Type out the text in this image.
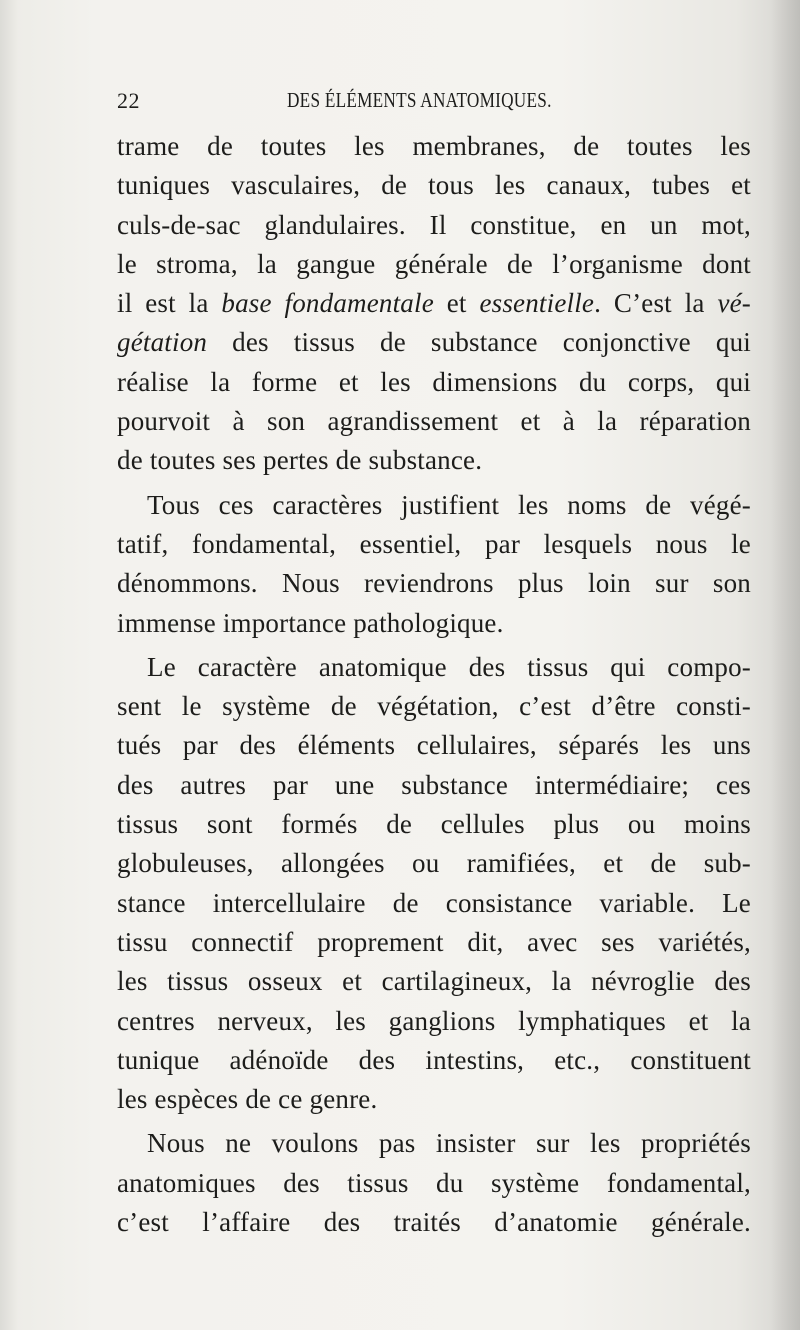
22	DES ÉLÉMENTS ANATOMIQUES.
trame de toutes les membranes, de toutes les
tuniques vasculaires, de tous les canaux, tubes et
culs-de-sac glandulaires. Il constitue, en un mot,
le stroma, la gangue générale de l’organisme dont
il est la base fondamentale et essentielle. C’est la vé-
gétation des tissus de substance conjonctive qui
réalise la forme et les dimensions du corps, qui
pourvoit à son agrandissement et à la réparation
de toutes ses pertes de substance.
Tous ces caractères justifient les noms de végé-
tatif, fondamental, essentiel, par lesquels nous le
dénommons. Nous reviendrons plus loin sur son
immense importance pathologique.
Le caractère anatomique des tissus qui compo-
sent le système de végétation, c’est d’être consti-
tués par des éléments cellulaires, séparés les uns
des autres par une substance intermédiaire; ces
tissus sont formés de cellules plus ou moins
globuleuses, allongées ou ramifiées, et de sub-
stance intercellulaire de consistance variable. Le
tissu connectif proprement dit, avec ses variétés,
les tissus osseux et cartilagineux, la névroglie des
centres nerveux, les ganglions lymphatiques et la
tunique adénoïde des intestins, etc., constituent
les espèces de ce genre.
Nous ne voulons pas insister sur les propriétés
anatomiques des tissus du système fondamental,
c’est l’affaire des traités d’anatomie générale.
